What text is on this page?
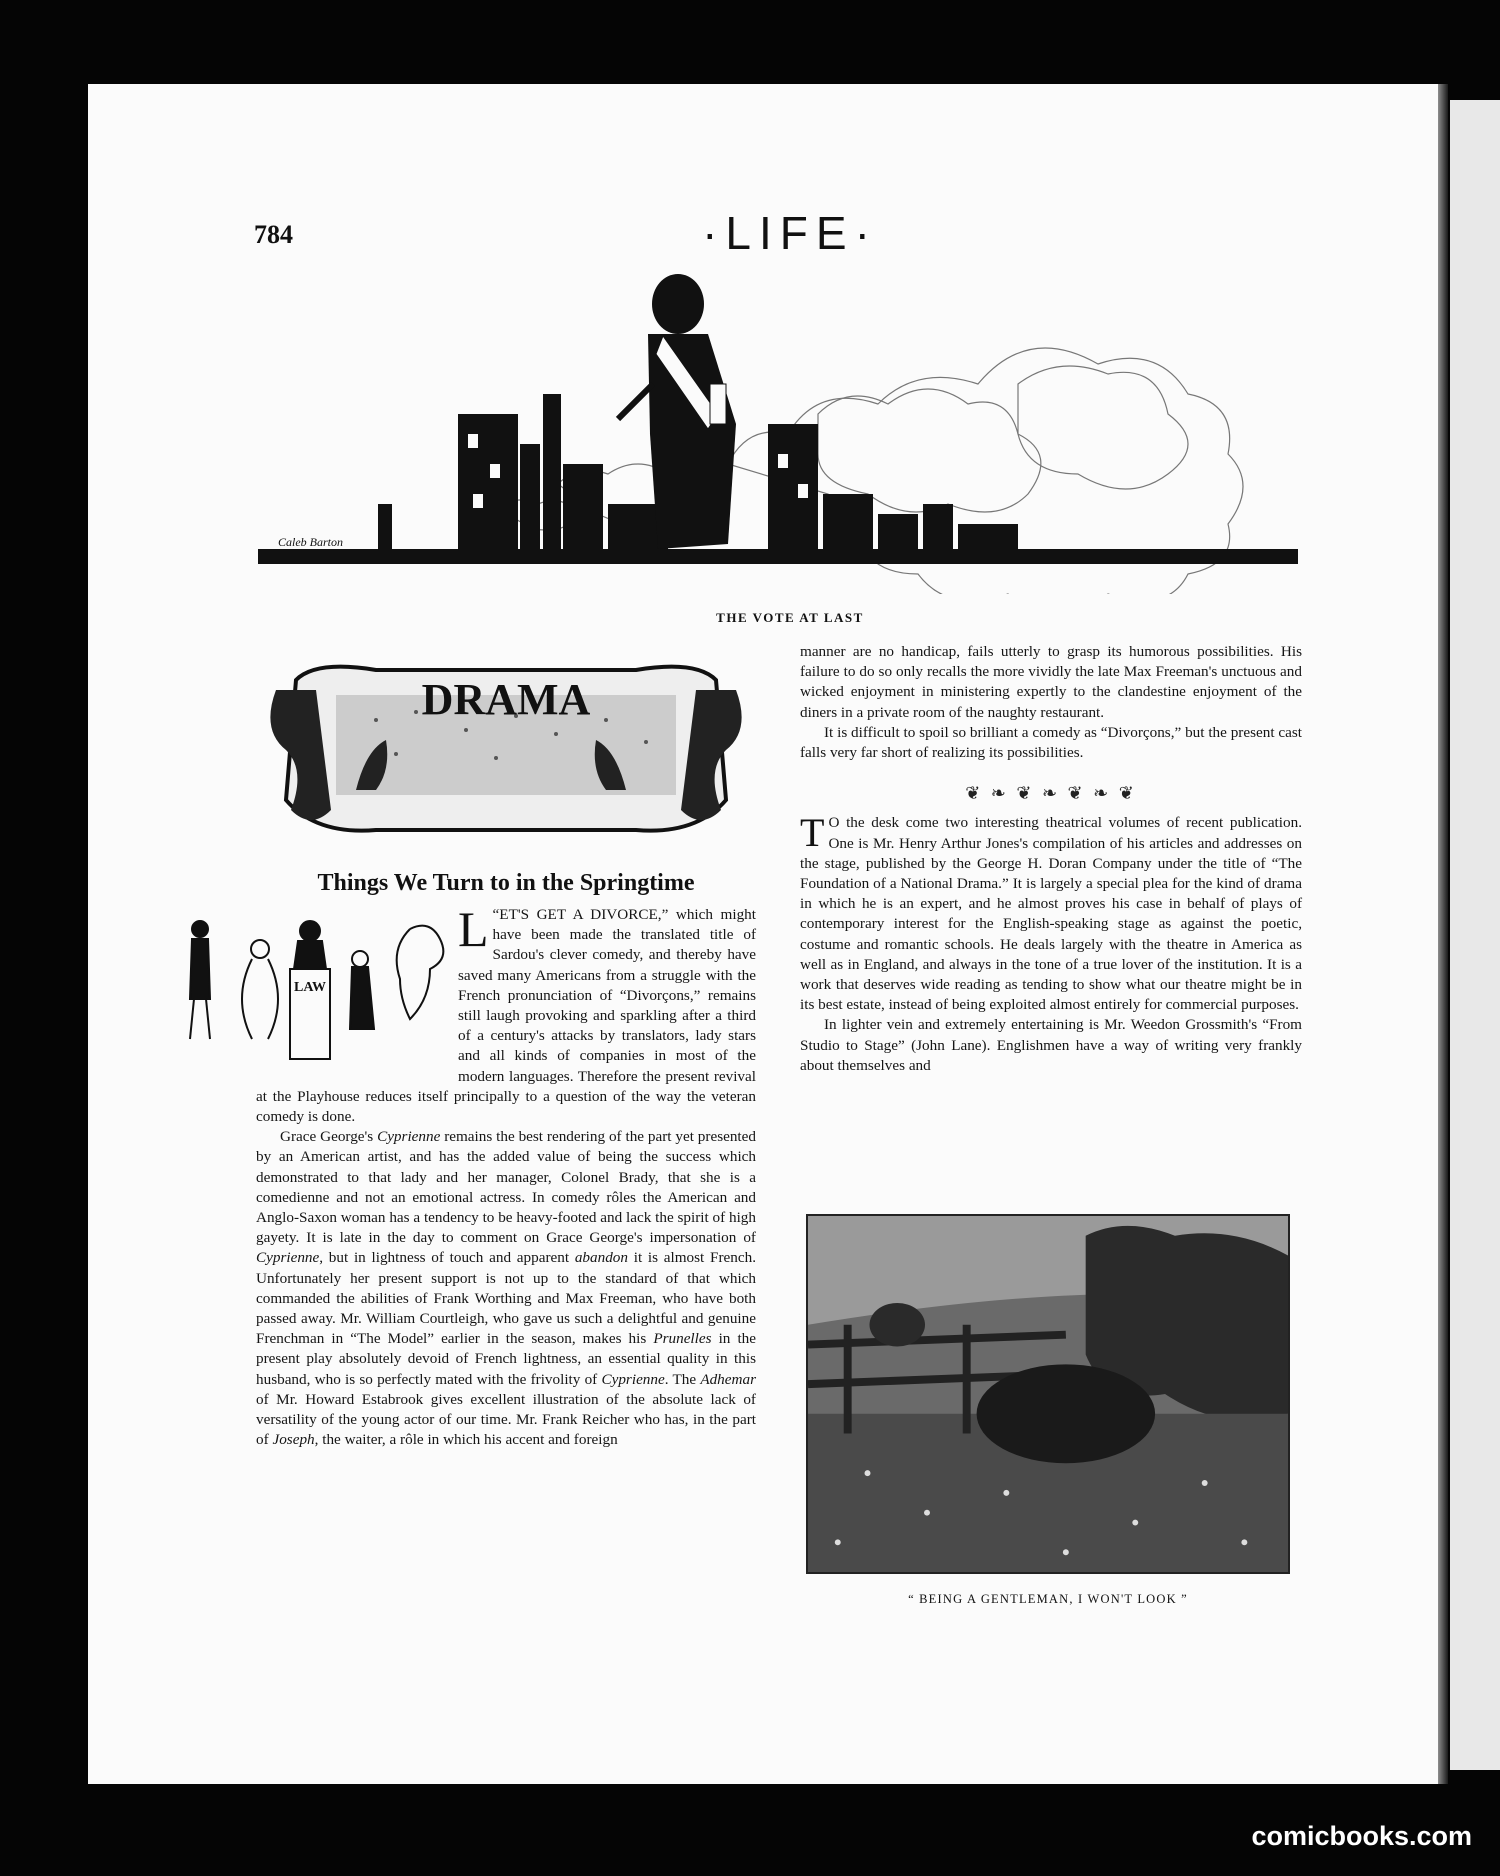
784	·LIFE·
Caleb Barton
THE VOTE AT LAST
DRAMA
Things We Turn to in the Springtime
LAW
L “ET'S GET A DIVORCE,” which might have been made the translated title of Sardou's clever comedy, and thereby have saved many Americans from a struggle with the French pronunciation of “Divorçons,” remains still laugh provoking and sparkling after a third of a century's attacks by translators, lady stars and all kinds of companies in most of the modern languages. Therefore the present revival at the Playhouse reduces itself principally to a question of the way the veteran comedy is done.

Grace George's Cyprienne remains the best rendering of the part yet presented by an American artist, and has the added value of being the success which demonstrated to that lady and her manager, Colonel Brady, that she is a comedienne and not an emotional actress. In comedy rôles the American and Anglo-Saxon woman has a tendency to be heavy-footed and lack the spirit of high gayety. It is late in the day to comment on Grace George's impersonation of Cyprienne, but in lightness of touch and apparent abandon it is almost French. Unfortunately her present support is not up to the standard of that which commanded the abilities of Frank Worthing and Max Freeman, who have both passed away. Mr. William Courtleigh, who gave us such a delightful and genuine Frenchman in “The Model” earlier in the season, makes his Prunelles in the present play absolutely devoid of French lightness, an essential quality in this husband, who is so perfectly mated with the frivolity of Cyprienne. The Adhemar of Mr. Howard Estabrook gives excellent illustration of the absolute lack of versatility of the young actor of our time. Mr. Frank Reicher who has, in the part of Joseph, the waiter, a rôle in which his accent and foreign

manner are no handicap, fails utterly to grasp its humorous possibilities. His failure to do so only recalls the more vividly the late Max Freeman's unctuous and wicked enjoyment in ministering expertly to the clandestine enjoyment of the diners in a private room of the naughty restaurant.

It is difficult to spoil so brilliant a comedy as “Divorçons,” but the present cast falls very far short of realizing its possibilities.

❦ ❧ ❦ ❧ ❦ ❧ ❦
T O the desk come two interesting theatrical volumes of recent publication. One is Mr. Henry Arthur Jones's compilation of his articles and addresses on the stage, published by the George H. Doran Company under the title of “The Foundation of a National Drama.” It is largely a special plea for the kind of drama in which he is an expert, and he almost proves his case in behalf of plays of contemporary interest for the English-speaking stage as against the poetic, costume and romantic schools. He deals largely with the theatre in America as well as in England, and always in the tone of a true lover of the institution. It is a work that deserves wide reading as tending to show what our theatre might be in its best estate, instead of being exploited almost entirely for commercial purposes.

In lighter vein and extremely entertaining is Mr. Weedon Grossmith's “From Studio to Stage” (John Lane). Englishmen have a way of writing very frankly about themselves and

“ BEING A GENTLEMAN, I WON'T LOOK ”
comicbooks.com
